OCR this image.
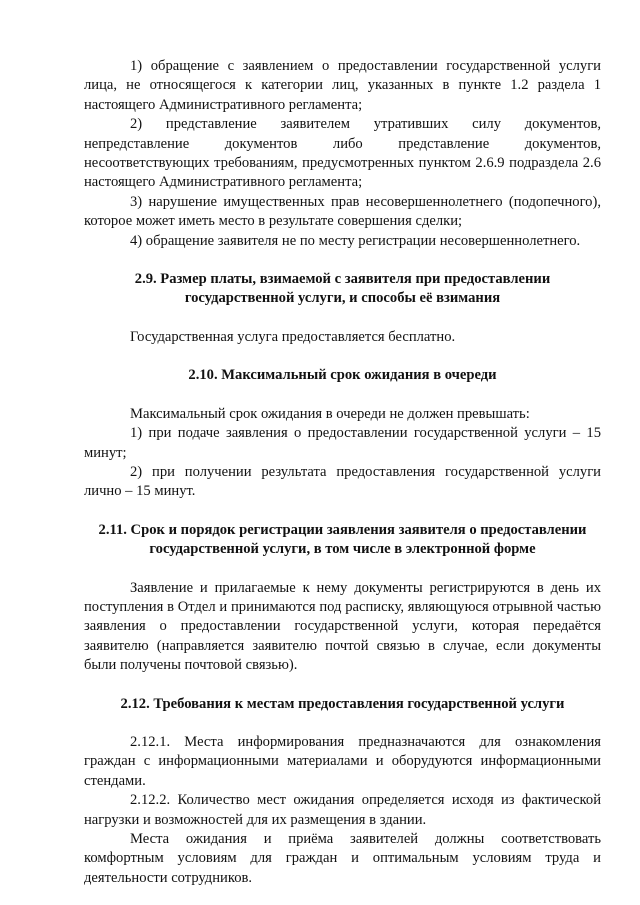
1) обращение с заявлением о предоставлении государственной услуги лица, не относящегося к категории лиц, указанных в пункте 1.2 раздела 1 настоящего Административного регламента;

2) представление заявителем утративших силу документов, непредставление документов либо представление документов, несоответствующих требованиям, предусмотренных пунктом 2.6.9 подраздела 2.6 настоящего Административного регламента;

3) нарушение имущественных прав несовершеннолетнего (подопечного), которое может иметь место в результате совершения сделки;

4) обращение заявителя не по месту регистрации несовершеннолетнего.

2.9. Размер платы, взимаемой с заявителя при предоставлении государственной услуги, и способы её взимания

Государственная услуга предоставляется бесплатно.

2.10. Максимальный срок ожидания в очереди

Максимальный срок ожидания в очереди не должен превышать:

1) при подаче заявления о предоставлении государственной услуги – 15 минут;

2) при получении результата предоставления государственной услуги лично – 15 минут.

2.11. Срок и порядок регистрации заявления заявителя о предоставлении государственной услуги, в том числе в электронной форме

Заявление и прилагаемые к нему документы регистрируются в день их поступления в Отдел и принимаются под расписку, являющуюся отрывной частью заявления о предоставлении государственной услуги, которая передаётся заявителю (направляется заявителю почтой связью в случае, если документы были получены почтовой связью).

2.12. Требования к местам предоставления государственной услуги

2.12.1. Места информирования предназначаются для ознакомления граждан с информационными материалами и оборудуются информационными стендами.

2.12.2. Количество мест ожидания определяется исходя из фактической нагрузки и возможностей для их размещения в здании.

Места ожидания и приёма заявителей должны соответствовать комфортным условиям для граждан и оптимальным условиям труда и деятельности сотрудников.
